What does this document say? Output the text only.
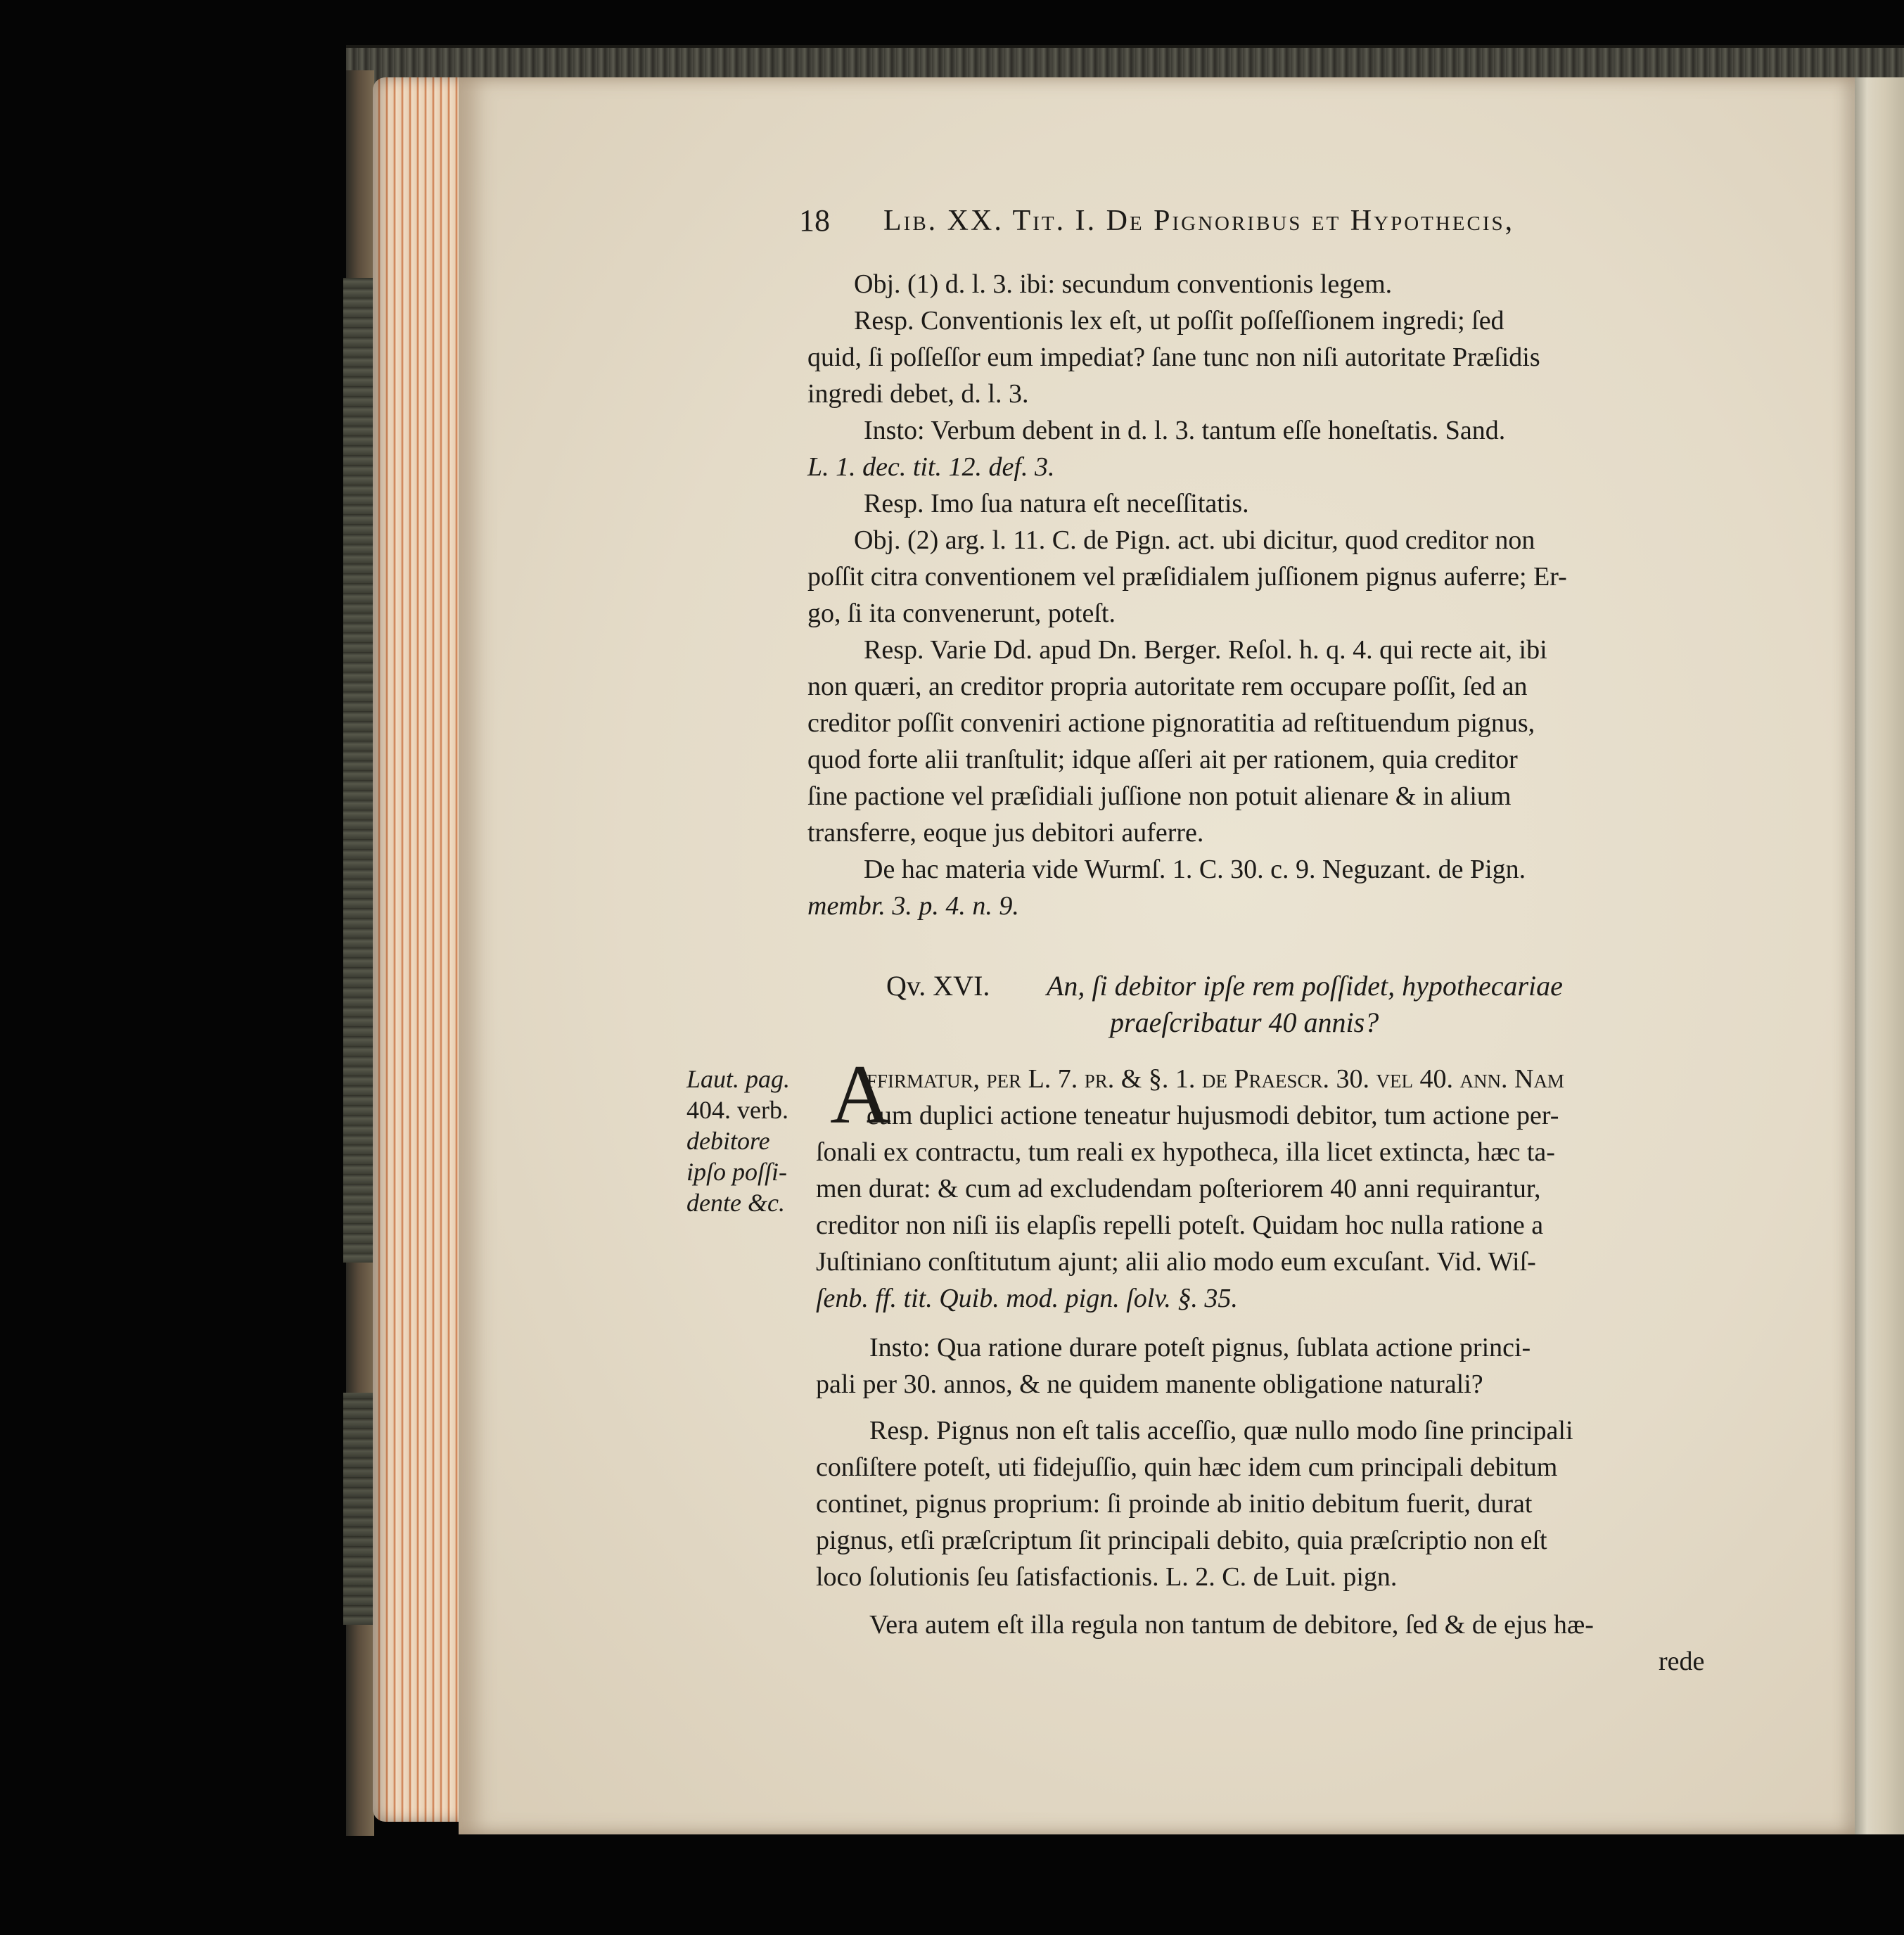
18 Lib. XX. Tit. I. De Pignoribus et Hypothecis,
Obj. (1) d. l. 3. ibi: secundum conventionis legem.
Resp. Conventionis lex eſt, ut poſſit poſſeſſionem ingredi; ſed
quid, ſi poſſeſſor eum impediat? ſane tunc non niſi autoritate Præſidis
ingredi debet, d. l. 3.
Insto: Verbum debent in d. l. 3. tantum eſſe honeſtatis. Sand.
L. 1. dec. tit. 12. def. 3.
Resp. Imo ſua natura eſt neceſſitatis.
Obj. (2) arg. l. 11. C. de Pign. act. ubi dicitur, quod creditor non
poſſit citra conventionem vel præſidialem juſſionem pignus auferre; Er-
go, ſi ita convenerunt, poteſt.
Resp. Varie Dd. apud Dn. Berger. Reſol. h. q. 4. qui recte ait, ibi
non quæri, an creditor propria autoritate rem occupare poſſit, ſed an
creditor poſſit conveniri actione pignoratitia ad reſtituendum pignus,
quod forte alii tranſtulit; idque aſſeri ait per rationem, quia creditor
ſine pactione vel præſidiali juſſione non potuit alienare & in alium
transferre, eoque jus debitori auferre.
De hac materia vide Wurmſ. 1. C. 30. c. 9. Neguzant. de Pign.
membr. 3. p. 4. n. 9.
Qv. XVI. An, ſi debitor ipſe rem poſſidet, hypothecariae
praeſcribatur 40 annis?
Laut. pag.
404. verb.
debitore
ipſo poſſi-
dente &c.
A
ffirmatur, per L. 7. pr. & §. 1. de Praeſcr. 30. vel 40. ann. Nam
cum duplici actione teneatur hujusmodi debitor, tum actione per-
ſonali ex contractu, tum reali ex hypotheca, illa licet extincta, hæc ta-
men durat: & cum ad excludendam poſteriorem 40 anni requirantur,
creditor non niſi iis elapſis repelli poteſt. Quidam hoc nulla ratione a
Juſtiniano conſtitutum ajunt; alii alio modo eum excuſant. Vid. Wiſ-
ſenb. ff. tit. Quib. mod. pign. ſolv. §. 35.
Insto: Qua ratione durare poteſt pignus, ſublata actione princi-
pali per 30. annos, & ne quidem manente obligatione naturali?
Resp. Pignus non eſt talis acceſſio, quæ nullo modo ſine principali
conſiſtere poteſt, uti fidejuſſio, quin hæc idem cum principali debitum
continet, pignus proprium: ſi proinde ab initio debitum fuerit, durat
pignus, etſi præſcriptum ſit principali debito, quia præſcriptio non eſt
loco ſolutionis ſeu ſatisfactionis. L. 2. C. de Luit. pign.
Vera autem eſt illa regula non tantum de debitore, ſed & de ejus hæ-
rede
